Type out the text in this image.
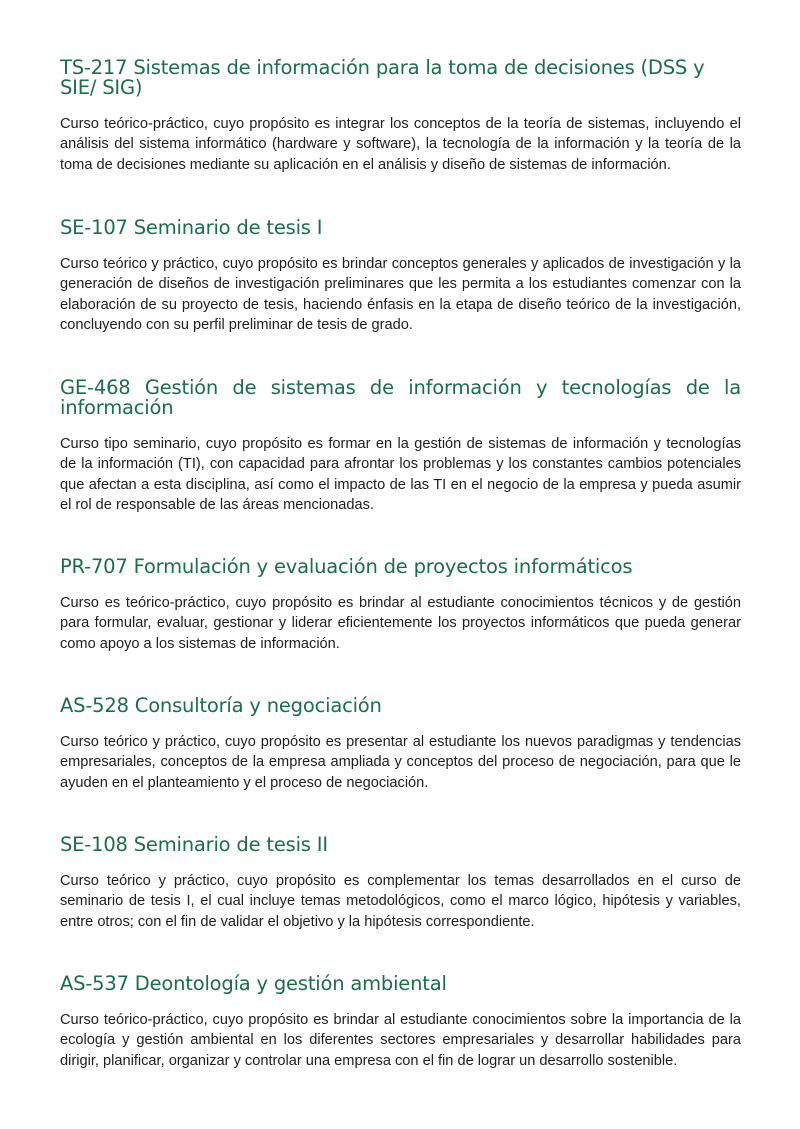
TS-217 Sistemas de información para la toma de decisiones (DSS y SIE/ SIG)

Curso teórico-práctico, cuyo propósito es integrar los conceptos de la teoría de sistemas, incluyendo el análisis del sistema informático (hardware y software), la tecnología de la información y la teoría de la toma de decisiones mediante su aplicación en el análisis y diseño de sistemas de información.

SE-107 Seminario de tesis I

Curso teórico y práctico, cuyo propósito es brindar conceptos generales y aplicados de investigación y la generación de diseños de investigación preliminares que les permita a los estudiantes comenzar con la elaboración de su proyecto de tesis, haciendo énfasis en la etapa de diseño teórico de la investigación, concluyendo con su perfil preliminar de tesis de grado.

GE-468 Gestión de sistemas de información y tecnologías de la información

Curso tipo seminario, cuyo propósito es formar en la gestión de sistemas de información y tecnologías de la información (TI), con capacidad para afrontar los problemas y los constantes cambios potenciales que afectan a esta disciplina, así como el impacto de las TI en el negocio de la empresa y pueda asumir el rol de responsable de las áreas mencionadas.

PR-707 Formulación y evaluación de proyectos informáticos

Curso es teórico-práctico, cuyo propósito es brindar al estudiante conocimientos técnicos y de gestión para formular, evaluar, gestionar y liderar eficientemente los proyectos informáticos que pueda generar como apoyo a los sistemas de información.

AS-528 Consultoría y negociación

Curso teórico y práctico, cuyo propósito es presentar al estudiante los nuevos paradigmas y tendencias empresariales, conceptos de la empresa ampliada y conceptos del proceso de negociación, para que le ayuden en el planteamiento y el proceso de negociación.

SE-108 Seminario de tesis II

Curso teórico y práctico, cuyo propósito es complementar los temas desarrollados en el curso de seminario de tesis I, el cual incluye temas metodológicos, como el marco lógico, hipótesis y variables, entre otros; con el fin de validar el objetivo y la hipótesis correspondiente.

AS-537 Deontología y gestión ambiental

Curso teórico-práctico, cuyo propósito es brindar al estudiante conocimientos sobre la importancia de la ecología y gestión ambiental en los diferentes sectores empresariales y desarrollar habilidades para dirigir, planificar, organizar y controlar una empresa con el fin de lograr un desarrollo sostenible.
